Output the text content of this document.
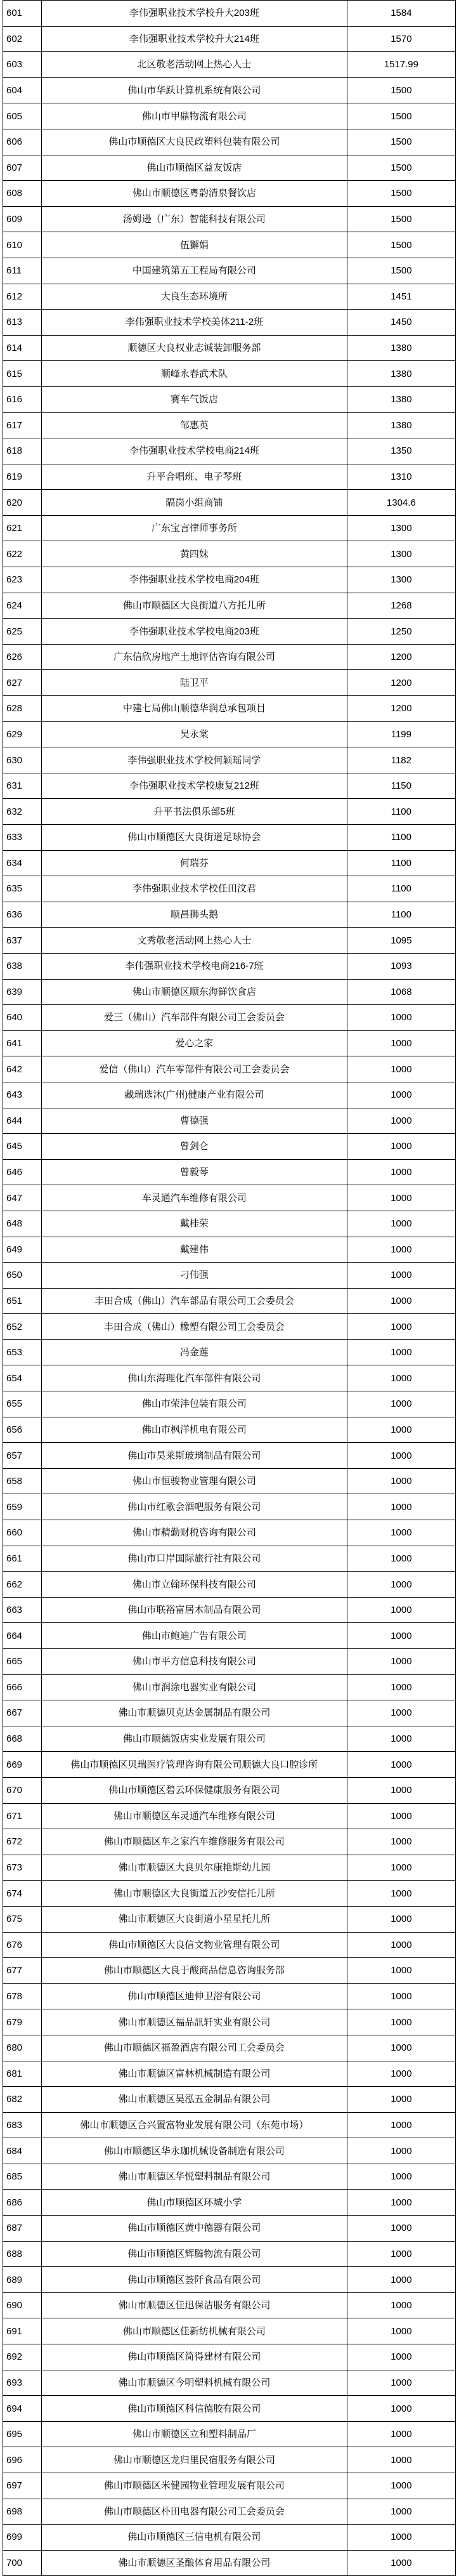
601	李伟强职业技术学校升大203班	1584
602	李伟强职业技术学校升大214班	1570
603	北区敬老活动网上热心人士	1517.99
604	佛山市华跃计算机系统有限公司	1500
605	佛山市甲鼎物流有限公司	1500
606	佛山市顺德区大良民政塑料包装有限公司	1500
607	佛山市顺德区益友饭店	1500
608	佛山市顺德区粤韵清泉餐饮店	1500
609	汤姆逊（广东）智能科技有限公司	1500
610	伍獬娟	1500
611	中国建筑第五工程局有限公司	1500
612	大良生态环境所	1451
613	李伟强职业技术学校美体211-2班	1450
614	顺德区大良权业志诚装卸服务部	1380
615	顺峰永春武术队	1380
616	赛车气饭店	1380
617	邹惠英	1380
618	李伟强职业技术学校电商214班	1350
619	升平合唱班、电子琴班	1310
620	隔岗小组商铺	1304.6
621	广东宝言律师事务所	1300
622	黄四妹	1300
623	李伟强职业技术学校电商204班	1300
624	佛山市顺德区大良街道八方托儿所	1268
625	李伟强职业技术学校电商203班	1250
626	广东信欣房地产土地评估咨询有限公司	1200
627	陆卫平	1200
628	中建七局佛山顺德华润总承包项目	1200
629	吴永棠	1199
630	李伟强职业技术学校何颖瑶同学	1182
631	李伟强职业技术学校康复212班	1150
632	升平书法俱乐部5班	1100
633	佛山市顺德区大良街道足球协会	1100
634	何瑞芬	1100
635	李伟强职业技术学校任田汶君	1100
636	顺昌狮头鹅	1100
637	文秀敬老活动网上热心人士	1095
638	李伟强职业技术学校电商216-7班	1093
639	佛山市顺德区顺东海鲜饮食店	1068
640	爱三（佛山）汽车部件有限公司工会委员会	1000
641	爱心之家	1000
642	爱信（佛山）汽车零部件有限公司工会委员会	1000
643	藏瑞选沐(广州)健康产业有限公司	1000
644	曹德强	1000
645	曾剑仑	1000
646	曾毅琴	1000
647	车灵通汽车维修有限公司	1000
648	戴桂荣	1000
649	戴建伟	1000
650	刁伟强	1000
651	丰田合成（佛山）汽车部品有限公司工会委员会	1000
652	丰田合成（佛山）橡塑有限公司工会委员会	1000
653	冯金莲	1000
654	佛山东海理化汽车部件有限公司	1000
655	佛山市荣沣包装有限公司	1000
656	佛山市枫洋机电有限公司	1000
657	佛山市昊莱斯玻璃制品有限公司	1000
658	佛山市恒骏物业管理有限公司	1000
659	佛山市红歌会酒吧服务有限公司	1000
660	佛山市精勤财税咨询有限公司	1000
661	佛山市口岸国际旅行社有限公司	1000
662	佛山市立翰环保科技有限公司	1000
663	佛山市联裕富居木制品有限公司	1000
664	佛山市鲍迪广告有限公司	1000
665	佛山市平方信息科技有限公司	1000
666	佛山市润涂电器实业有限公司	1000
667	佛山市顺德贝克达金属制品有限公司	1000
668	佛山市顺德饭店实业发展有限公司	1000
669	佛山市顺德区贝瑞医疗管理咨询有限公司顺德大良口腔诊所	1000
670	佛山市顺德区碧云环保健康服务有限公司	1000
671	佛山市顺德区车灵通汽车维修有限公司	1000
672	佛山市顺德区车之家汽车维修服务有限公司	1000
673	佛山市顺德区大良贝尔康艳斯幼儿园	1000
674	佛山市顺德区大良街道五沙安信托儿所	1000
675	佛山市顺德区大良街道小星星托儿所	1000
676	佛山市顺德区大良信文物业管理有限公司	1000
677	佛山市顺德区大良于酸商品信息咨询服务部	1000
678	佛山市顺德区迪伸卫浴有限公司	1000
679	佛山市顺德区福品訊轩实业有限公司	1000
680	佛山市顺德区福盈酒店有限公司工会委员会	1000
681	佛山市顺德区富林机械制造有限公司	1000
682	佛山市顺德区昊泓五金制品有限公司	1000
683	佛山市顺德区合兴置富物业发展有限公司（东苑市场）	1000
684	佛山市顺德区华永珈机械设备制造有限公司	1000
685	佛山市顺德区华悦塑料制品有限公司	1000
686	佛山市顺德区环城小学	1000
687	佛山市顺德区黄中德器有限公司	1000
688	佛山市顺德区辉腾物流有限公司	1000
689	佛山市顺德区荟阡食品有限公司	1000
690	佛山市顺德区佳迅保洁服务有限公司	1000
691	佛山市顺德区佳新纺机械有限公司	1000
692	佛山市顺德区简得建材有限公司	1000
693	佛山市顺德区今明塑料机械有限公司	1000
694	佛山市顺德区科信德胶有限公司	1000
695	佛山市顺德区立和塑料制品厂	1000
696	佛山市顺德区龙归里民宿服务有限公司	1000
697	佛山市顺德区米健园物业管理发展有限公司	1000
698	佛山市顺德区朴田电器有限公司工会委员会	1000
699	佛山市顺德区三信电机有限公司	1000
700	佛山市顺德区圣酿体育用品有限公司	1000
